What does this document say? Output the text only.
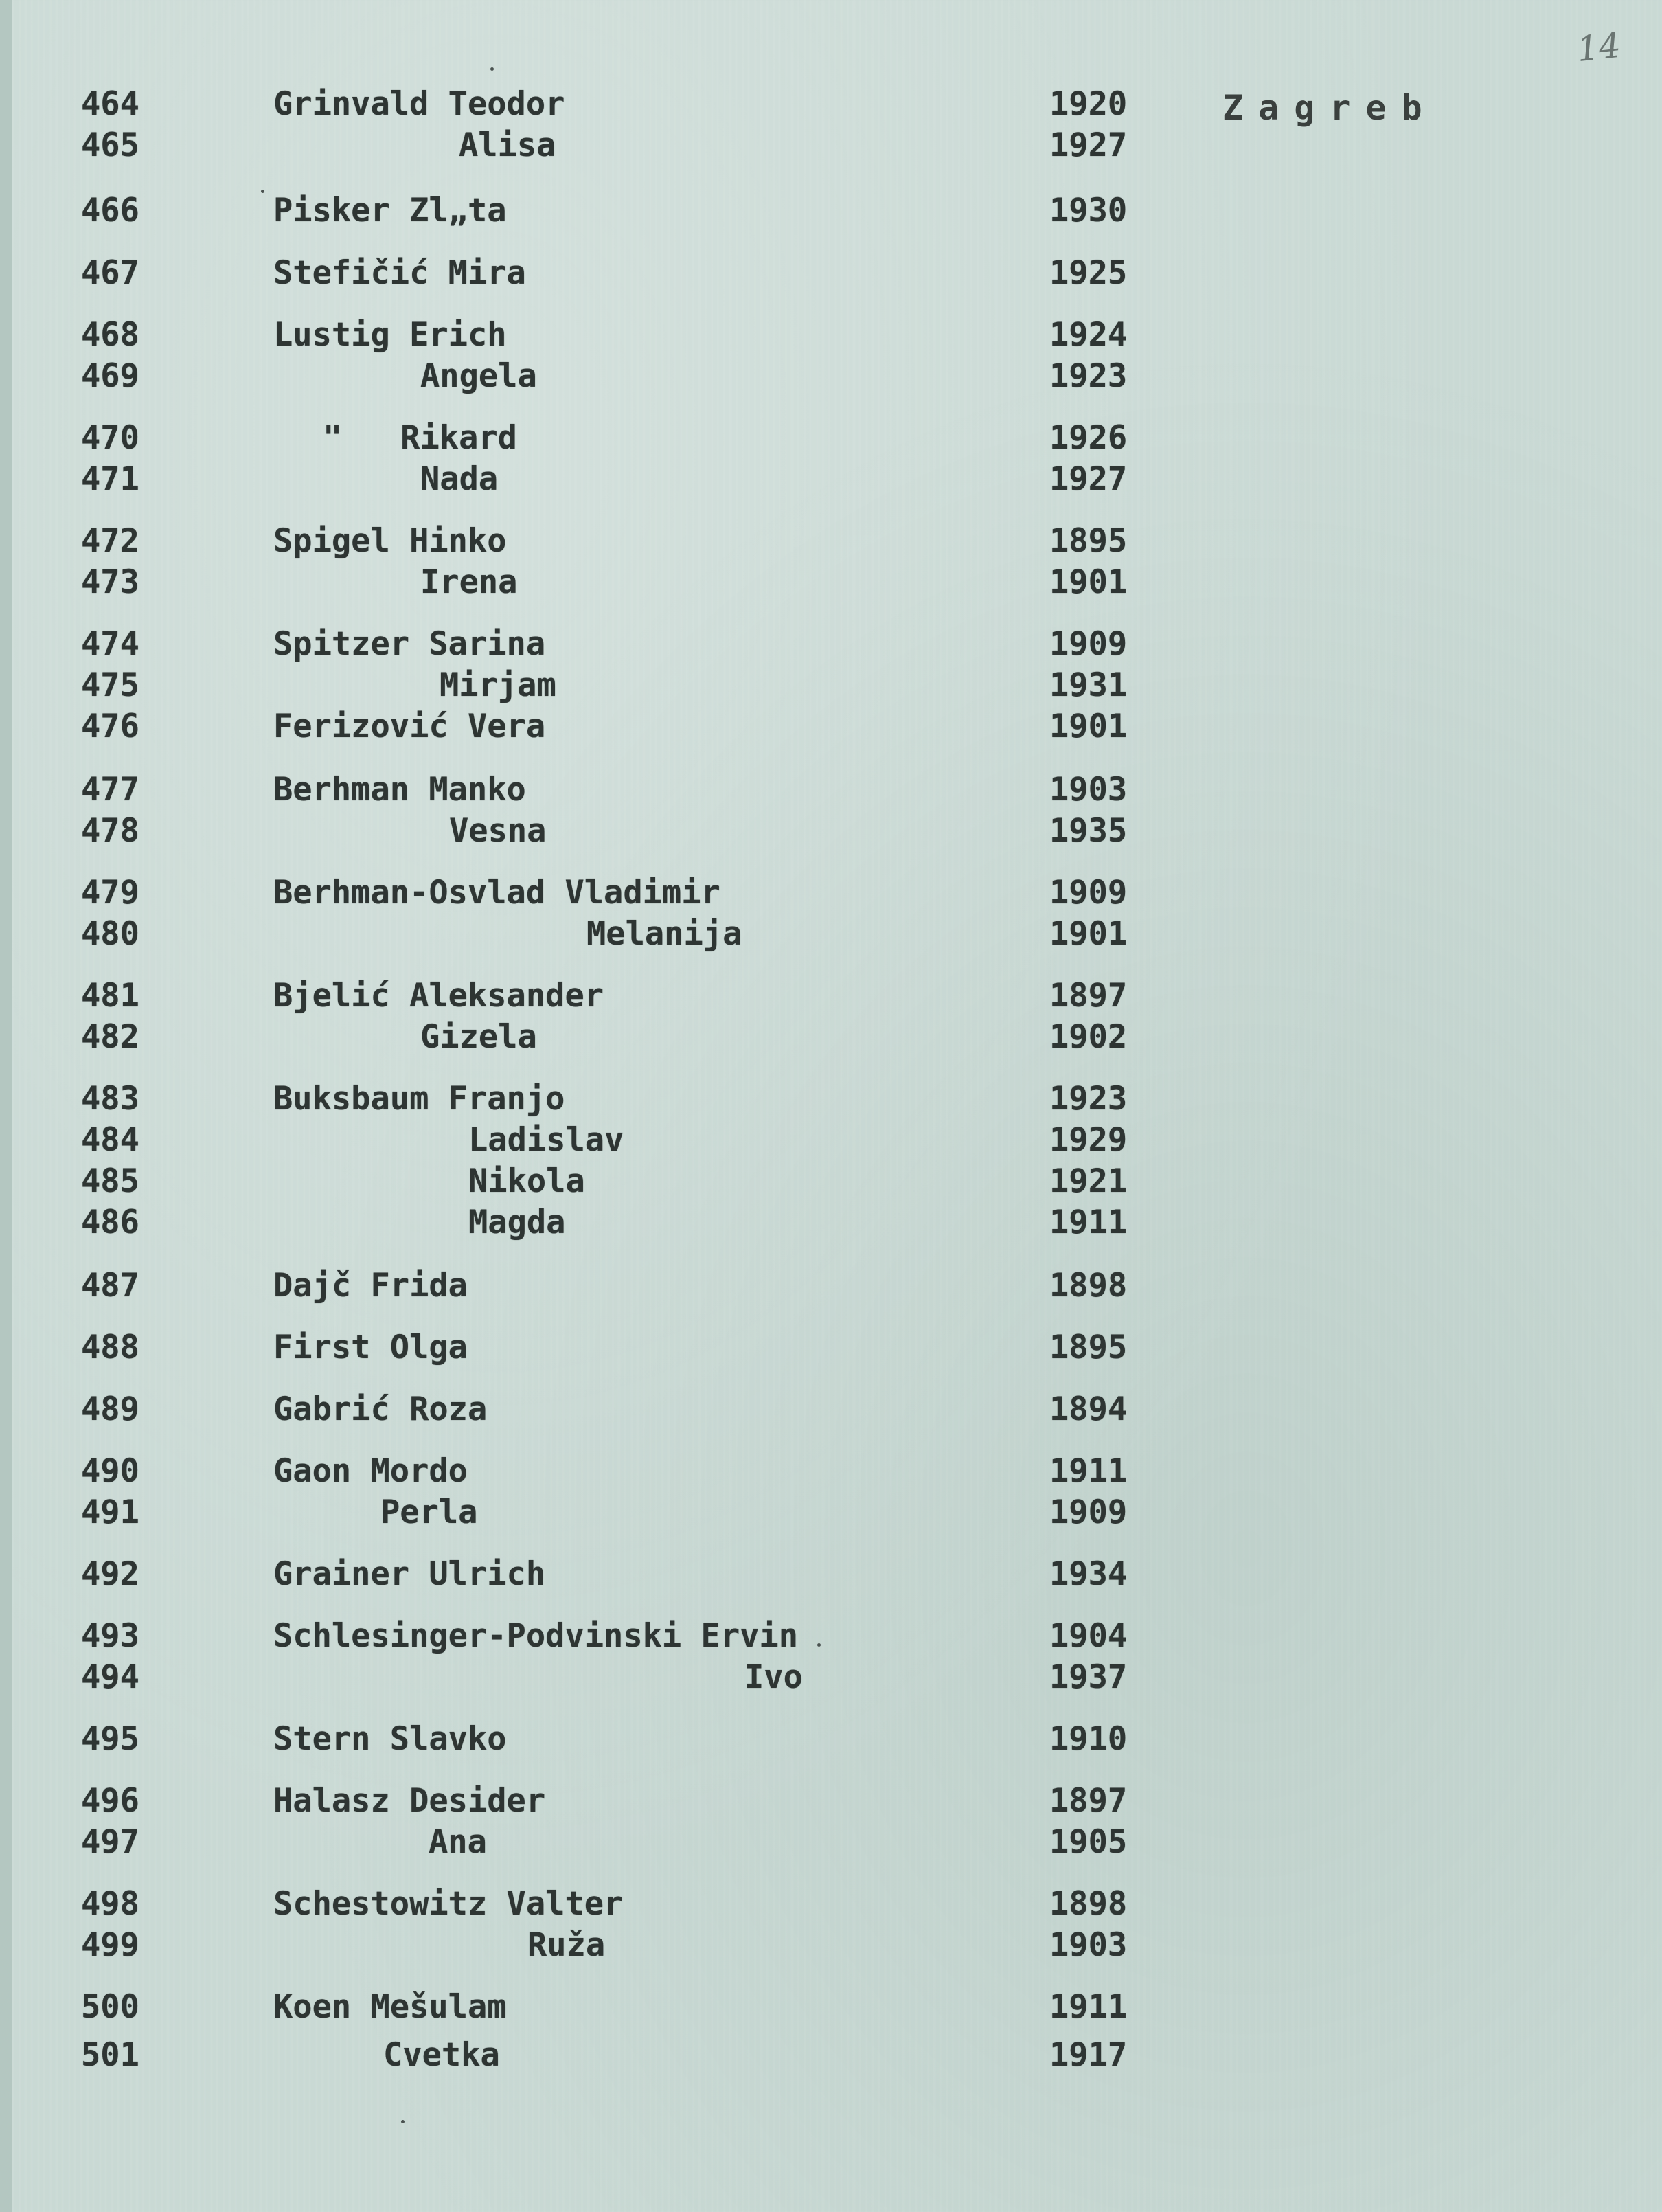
14
Zagreb
464	Grinvald Teodor	1920
465	Alisa	1927
466	Pisker Zl„ta	1930
467	Stefičić Mira	1925
468	Lustig Erich	1924
469	Angela	1923
470	"   Rikard	1926
471	Nada	1927
472	Spigel Hinko	1895
473	Irena	1901
474	Spitzer Sarina	1909
475	Mirjam	1931
476	Ferizović Vera	1901
477	Berhman Manko	1903
478	Vesna	1935
479	Berhman-Osvlad Vladimir	1909
480	Melanija	1901
481	Bjelić Aleksander	1897
482	Gizela	1902
483	Buksbaum Franjo	1923
484	Ladislav	1929
485	Nikola	1921
486	Magda	1911
487	Dajč Frida	1898
488	First Olga	1895
489	Gabrić Roza	1894
490	Gaon Mordo	1911
491	Perla	1909
492	Grainer Ulrich	1934
493	Schlesinger-Podvinski Ervin	1904
494	Ivo	1937
495	Stern Slavko	1910
496	Halasz Desider	1897
497	Ana	1905
498	Schestowitz Valter	1898
499	Ruža	1903
500	Koen Mešulam	1911
501	Cvetka	1917
